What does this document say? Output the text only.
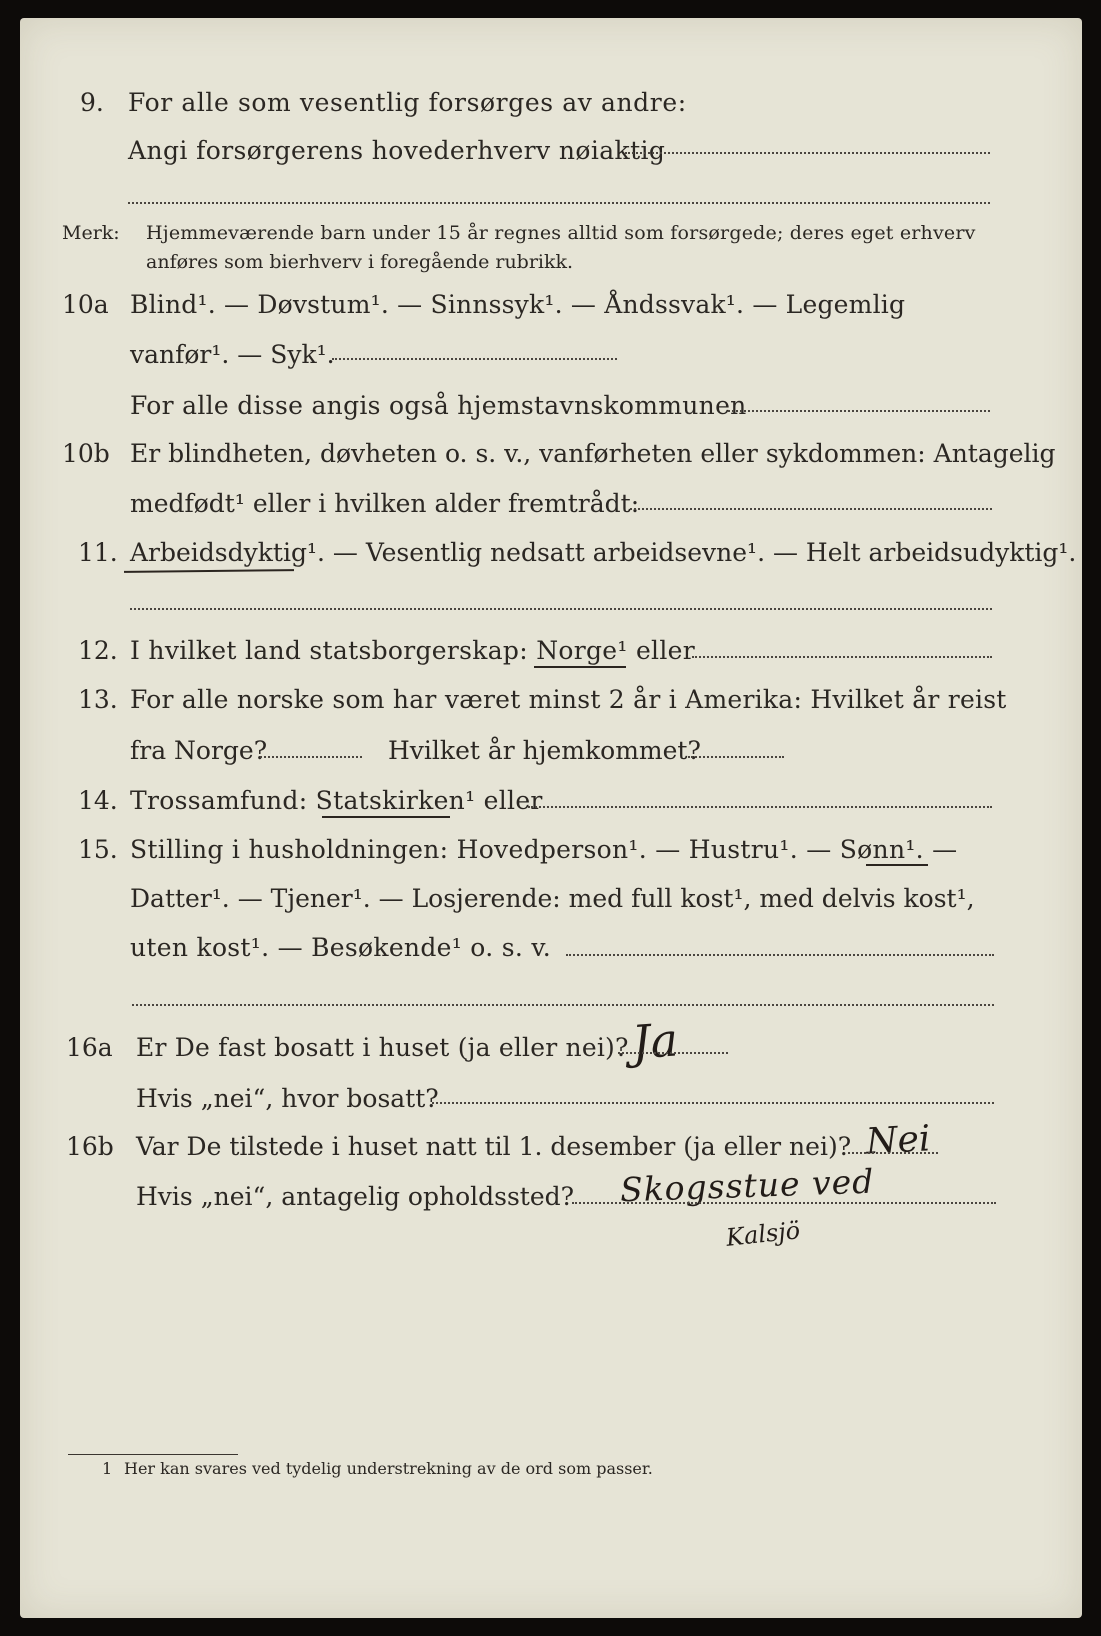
9. For alle som vesentlig forsørges av andre:
Angi forsørgerens hovederhverv nøiaktig
Merk: Hjemmeværende barn under 15 år regnes alltid som forsørgede; deres eget erhverv
anføres som bierhverv i foregående rubrikk.
10a Blind¹. — Døvstum¹. — Sinnssyk¹. — Åndssvak¹. — Legemlig
vanfør¹. — Syk¹.
For alle disse angis også hjemstavnskommunen
10b Er blindheten, døvheten o. s. v., vanførheten eller sykdommen: Antagelig
medfødt¹ eller i hvilken alder fremtrådt:
11. Arbeidsdyktig¹. — Vesentlig nedsatt arbeidsevne¹. — Helt arbeidsudyktig¹.
12. I hvilket land statsborgerskap: Norge¹ eller
13. For alle norske som har været minst 2 år i Amerika: Hvilket år reist
fra Norge?	Hvilket år hjemkommet?
14. Trossamfund: Statskirken¹ eller
15. Stilling i husholdningen: Hovedperson¹. — Hustru¹. — Sønn¹. —
Datter¹. — Tjener¹. — Losjerende: med full kost¹, med delvis kost¹,
uten kost¹. — Besøkende¹ o. s. v.
16a Er De fast bosatt i huset (ja eller nei)? Ja
Hvis „nei“, hvor bosatt?
16b Var De tilstede i huset natt til 1. desember (ja eller nei)? Nei
Hvis „nei“, antagelig opholdssted? Skogsstue ved
Kalsjö
1 Her kan svares ved tydelig understrekning av de ord som passer.
